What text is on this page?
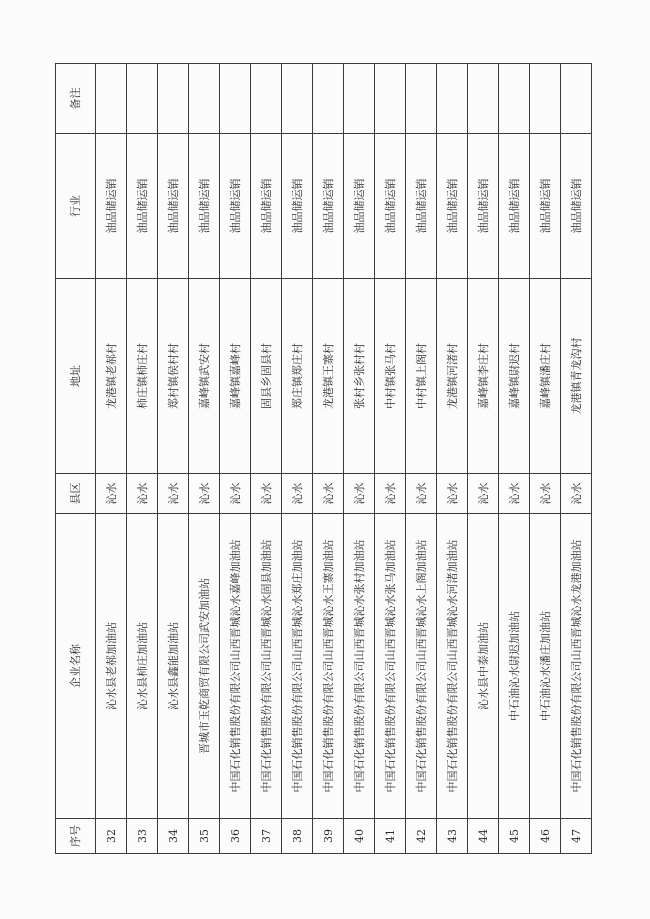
序号	企业名称	县区	地址	行业	备注
32	沁水县老郝加油站	沁水	龙港镇老郝村	油品储运销	
33	沁水县柿庄加油站	沁水	柿庄镇柿庄村	油品储运销	
34	沁水县鑫能加油站	沁水	郑村镇侯村村	油品储运销	
35	晋城市玉乾商贸有限公司武安加油站	沁水	嘉峰镇武安村	油品储运销	
36	中国石化销售股份有限公司山西晋城沁水嘉峰加油站	沁水	嘉峰镇嘉峰村	油品储运销	
37	中国石化销售股份有限公司山西晋城沁水固县加油站	沁水	固县乡固县村	油品储运销	
38	中国石化销售股份有限公司山西晋城沁水郑庄加油站	沁水	郑庄镇郑庄村	油品储运销	
39	中国石化销售股份有限公司山西晋城沁水王寨加油站	沁水	龙港镇王寨村	油品储运销	
40	中国石化销售股份有限公司山西晋城沁水张村加油站	沁水	张村乡张村村	油品储运销	
41	中国石化销售股份有限公司山西晋城沁水张马加油站	沁水	中村镇张马村	油品储运销	
42	中国石化销售股份有限公司山西晋城沁水上阁加油站	沁水	中村镇上阁村	油品储运销	
43	中国石化销售股份有限公司山西晋城沁水河渚加油站	沁水	龙港镇河渚村	油品储运销	
44	沁水县中泰加油站	沁水	嘉峰镇李庄村	油品储运销	
45	中石油沁水尉迟加油站	沁水	嘉峰镇尉迟村	油品储运销	
46	中石油沁水潘庄加油站	沁水	嘉峰镇潘庄村	油品储运销	
47	中国石化销售股份有限公司山西晋城沁水龙港加油站	沁水	龙港镇青龙沟村	油品储运销	
